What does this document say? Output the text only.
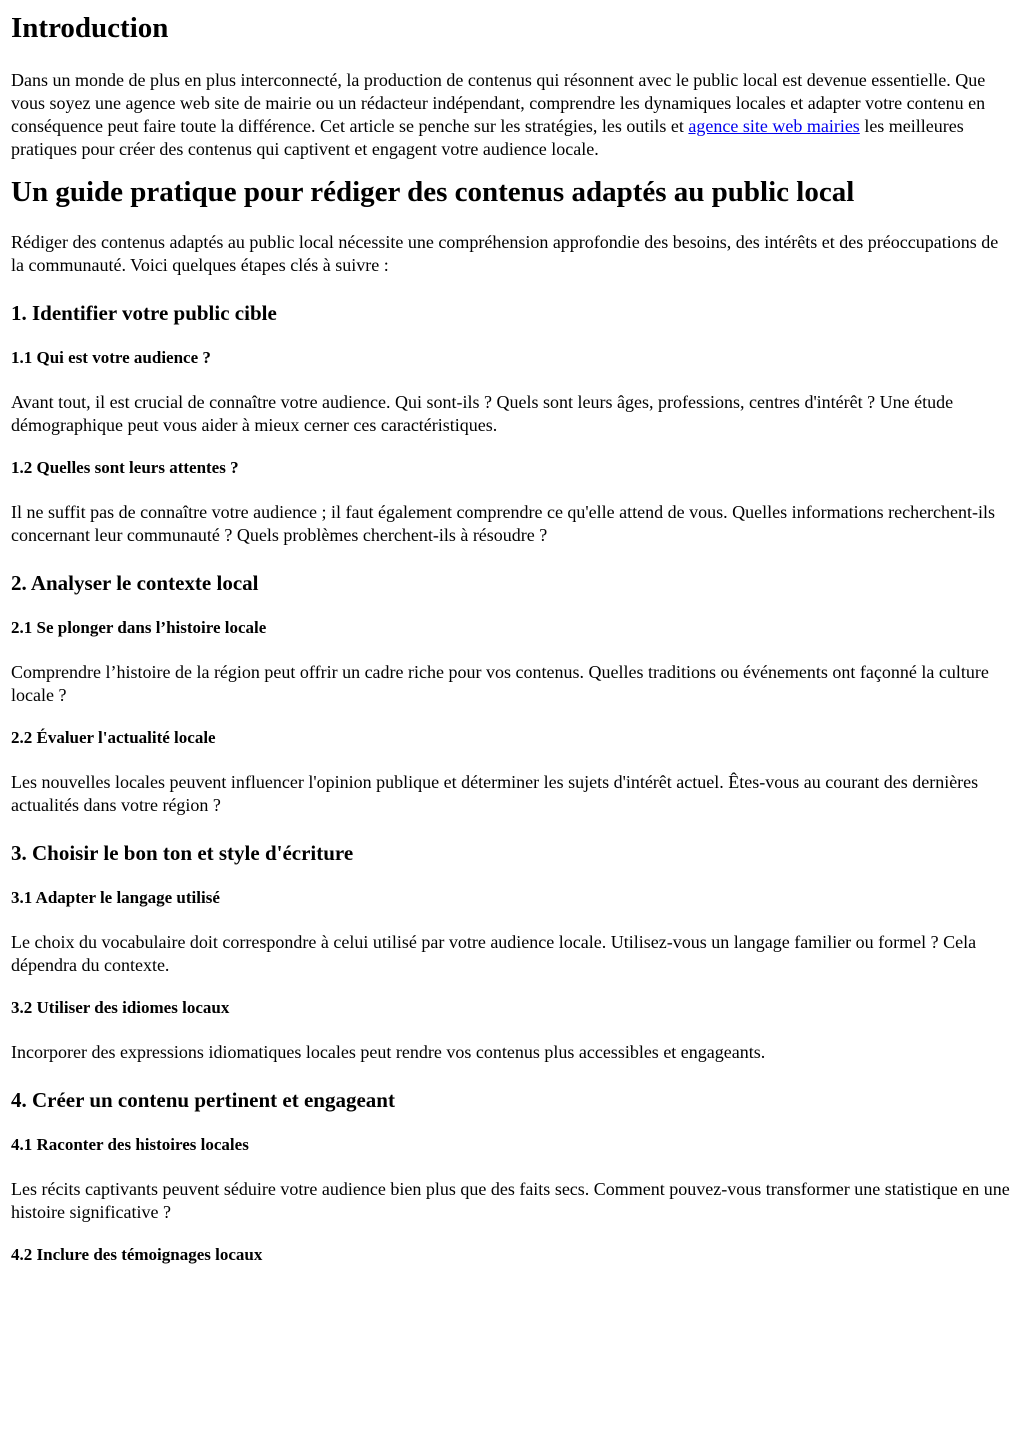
Introduction

Dans un monde de plus en plus interconnecté, la production de contenus qui résonnent avec le public local est devenue essentielle. Que vous soyez une agence web site de mairie ou un rédacteur indépendant, comprendre les dynamiques locales et adapter votre contenu en conséquence peut faire toute la différence. Cet article se penche sur les stratégies, les outils et agence site web mairies les meilleures pratiques pour créer des contenus qui captivent et engagent votre audience locale.

Un guide pratique pour rédiger des contenus adaptés au public local

Rédiger des contenus adaptés au public local nécessite une compréhension approfondie des besoins, des intérêts et des préoccupations de la communauté. Voici quelques étapes clés à suivre :

1. Identifier votre public cible
1.1 Qui est votre audience ?

Avant tout, il est crucial de connaître votre audience. Qui sont-ils ? Quels sont leurs âges, professions, centres d'intérêt ? Une étude démographique peut vous aider à mieux cerner ces caractéristiques.

1.2 Quelles sont leurs attentes ?

Il ne suffit pas de connaître votre audience ; il faut également comprendre ce qu'elle attend de vous. Quelles informations recherchent-ils concernant leur communauté ? Quels problèmes cherchent-ils à résoudre ?

2. Analyser le contexte local
2.1 Se plonger dans l’histoire locale

Comprendre l’histoire de la région peut offrir un cadre riche pour vos contenus. Quelles traditions ou événements ont façonné la culture locale ?

2.2 Évaluer l'actualité locale

Les nouvelles locales peuvent influencer l'opinion publique et déterminer les sujets d'intérêt actuel. Êtes-vous au courant des dernières actualités dans votre région ?

3. Choisir le bon ton et style d'écriture
3.1 Adapter le langage utilisé

Le choix du vocabulaire doit correspondre à celui utilisé par votre audience locale. Utilisez-vous un langage familier ou formel ? Cela dépendra du contexte.

3.2 Utiliser des idiomes locaux

Incorporer des expressions idiomatiques locales peut rendre vos contenus plus accessibles et engageants.

4. Créer un contenu pertinent et engageant
4.1 Raconter des histoires locales

Les récits captivants peuvent séduire votre audience bien plus que des faits secs. Comment pouvez-vous transformer une statistique en une histoire significative ?

4.2 Inclure des témoignages locaux
